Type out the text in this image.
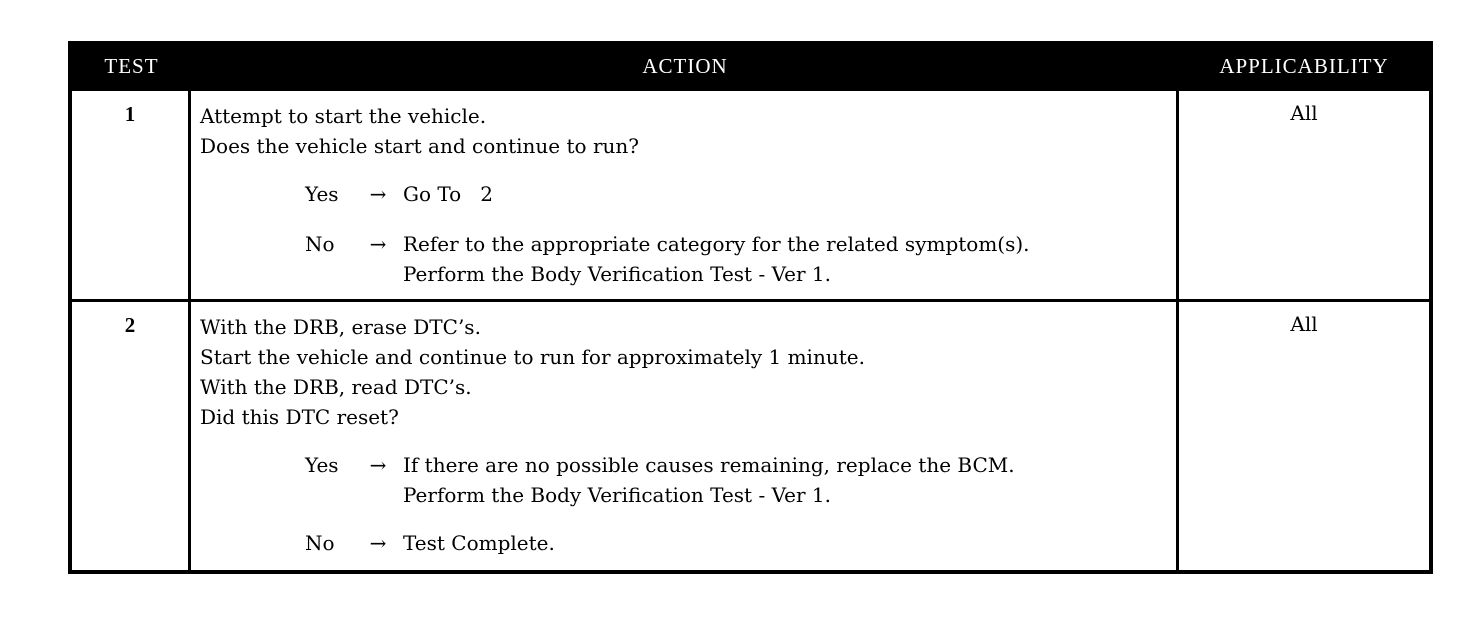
TEST	ACTION	APPLICABILITY
1	Attempt to start the vehicle.
Does the vehicle start and continue to run?
Yes	→ Go To   2
No	→ Refer to the appropriate category for the related symptom(s).
Perform the Body Verification Test - Ver 1.
All
2	With the DRB, erase DTC’s.
Start the vehicle and continue to run for approximately 1 minute.
With the DRB, read DTC’s.
Did this DTC reset?
Yes	→ If there are no possible causes remaining, replace the BCM.
Perform the Body Verification Test - Ver 1.
No	→ Test Complete.
All
